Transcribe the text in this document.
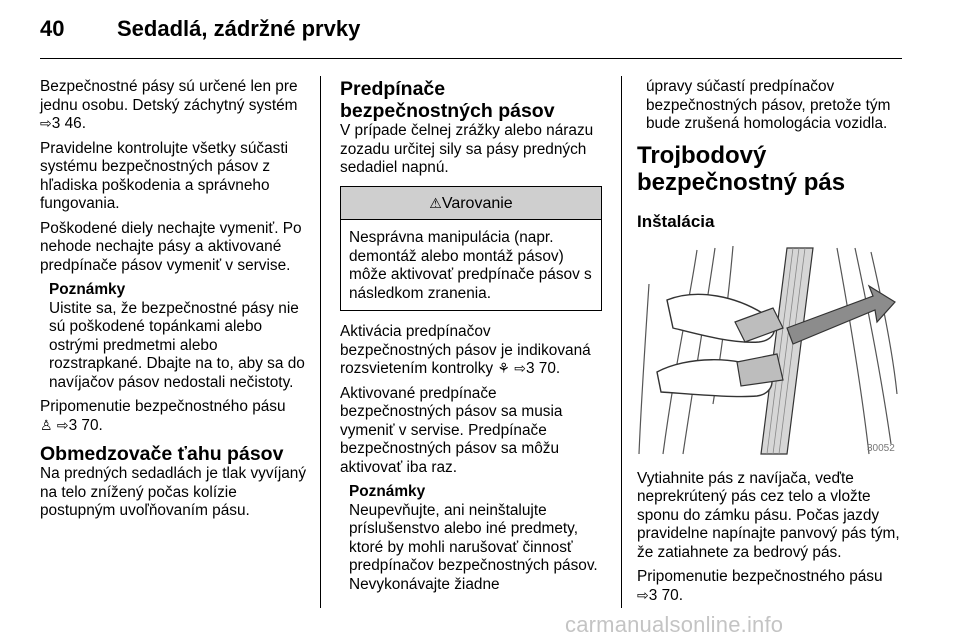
40 Sedadlá, zádržné prvky

Bezpečnostné pásy sú určené len pre jednu osobu. Detský záchytný systém ⇨3 46.

Pravidelne kontrolujte všetky súčasti systému bezpečnostných pásov z hľadiska poškodenia a správneho fungovania.

Poškodené diely nechajte vymeniť. Po nehode nechajte pásy a aktivované predpínače pásov vymeniť v servise.

Poznámky
Uistite sa, že bezpečnostné pásy nie sú poškodené topánkami alebo ostrými predmetmi alebo rozstrapkané. Dbajte na to, aby sa do navíjačov pásov nedostali nečistoty.

Pripomenutie bezpečnostného pásu
♙ ⇨3 70.

Obmedzovače ťahu pásov

Na predných sedadlách je tlak vyvíjaný na telo znížený počas kolízie postupným uvoľňovaním pásu.

Predpínače bezpečnostných pásov

V prípade čelnej zrážky alebo nárazu zozadu určitej sily sa pásy predných sedadiel napnú.

⚠Varovanie
Nesprávna manipulácia (napr. demontáž alebo montáž pásov) môže aktivovať predpínače pásov s následkom zranenia.

Aktivácia predpínačov bezpečnostných pásov je indikovaná rozsvietením kontrolky ⚘ ⇨3 70.

Aktivované predpínače bezpečnostných pásov sa musia vymeniť v servise. Predpínače bezpečnostných pásov sa môžu aktivovať iba raz.

Poznámky
Neupevňujte, ani neinštalujte príslušenstvo alebo iné predmety, ktoré by mohli narušovať činnosť predpínačov bezpečnostných pásov. Nevykonávajte žiadne

úpravy súčastí predpínačov bezpečnostných pásov, pretože tým bude zrušená homologácia vozidla.

Trojbodový bezpečnostný pás
Inštalácia
30052

Vytiahnite pás z navíjača, veďte neprekrútený pás cez telo a vložte sponu do zámku pásu. Počas jazdy pravidelne napínajte panvový pás tým, že zatiahnete za bedrový pás.

Pripomenutie bezpečnostného pásu
⇨3 70.

carmanualsonline.info
